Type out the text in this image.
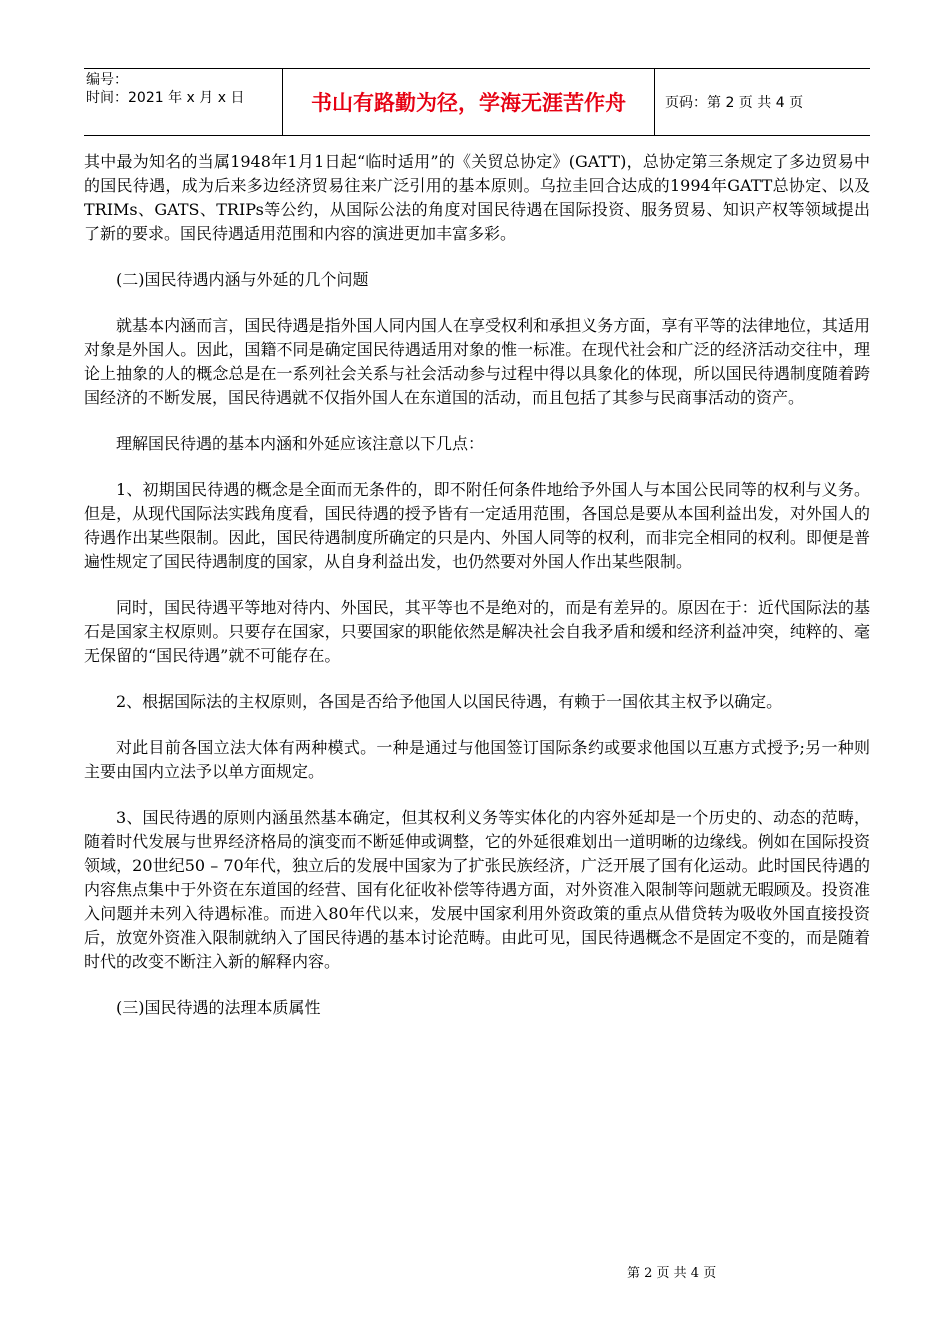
编号：
时间：2021 年 x 月 x 日	书山有路勤为径，学海无涯苦作舟	页码：第 2 页 共 4 页

其中最为知名的当属1948年1月1日起“临时适用”的《关贸总协定》(GATT)，总协定第三条规定了多边贸易中的国民待遇，成为后来多边经济贸易往来广泛引用的基本原则。乌拉圭回合达成的1994年GATT总协定、以及TRIMs、GATS、TRIPs等公约，从国际公法的角度对国民待遇在国际投资、服务贸易、知识产权等领域提出了新的要求。国民待遇适用范围和内容的演进更加丰富多彩。

(二)国民待遇内涵与外延的几个问题

就基本内涵而言，国民待遇是指外国人同内国人在享受权利和承担义务方面，享有平等的法律地位，其适用对象是外国人。因此，国籍不同是确定国民待遇适用对象的惟一标准。在现代社会和广泛的经济活动交往中，理论上抽象的人的概念总是在一系列社会关系与社会活动参与过程中得以具象化的体现，所以国民待遇制度随着跨国经济的不断发展，国民待遇就不仅指外国人在东道国的活动，而且包括了其参与民商事活动的资产。

理解国民待遇的基本内涵和外延应该注意以下几点：

1、初期国民待遇的概念是全面而无条件的，即不附任何条件地给予外国人与本国公民同等的权利与义务。但是，从现代国际法实践角度看，国民待遇的授予皆有一定适用范围，各国总是要从本国利益出发，对外国人的待遇作出某些限制。因此，国民待遇制度所确定的只是内、外国人同等的权利，而非完全相同的权利。即便是普遍性规定了国民待遇制度的国家，从自身利益出发，也仍然要对外国人作出某些限制。

同时，国民待遇平等地对待内、外国民，其平等也不是绝对的，而是有差异的。原因在于：近代国际法的基石是国家主权原则。只要存在国家，只要国家的职能依然是解决社会自我矛盾和缓和经济利益冲突，纯粹的、毫无保留的“国民待遇”就不可能存在。

2、根据国际法的主权原则，各国是否给予他国人以国民待遇，有赖于一国依其主权予以确定。

对此目前各国立法大体有两种模式。一种是通过与他国签订国际条约或要求他国以互惠方式授予;另一种则主要由国内立法予以单方面规定。

3、国民待遇的原则内涵虽然基本确定，但其权利义务等实体化的内容外延却是一个历史的、动态的范畴，随着时代发展与世界经济格局的演变而不断延伸或调整，它的外延很难划出一道明晰的边缘线。例如在国际投资领域，20世纪50 – 70年代，独立后的发展中国家为了扩张民族经济，广泛开展了国有化运动。此时国民待遇的内容焦点集中于外资在东道国的经营、国有化征收补偿等待遇方面，对外资准入限制等问题就无暇顾及。投资准入问题并未列入待遇标准。而进入80年代以来，发展中国家利用外资政策的重点从借贷转为吸收外国直接投资后，放宽外资准入限制就纳入了国民待遇的基本讨论范畴。由此可见，国民待遇概念不是固定不变的，而是随着时代的改变不断注入新的解释内容。

(三)国民待遇的法理本质属性

第 2 页 共 4 页
